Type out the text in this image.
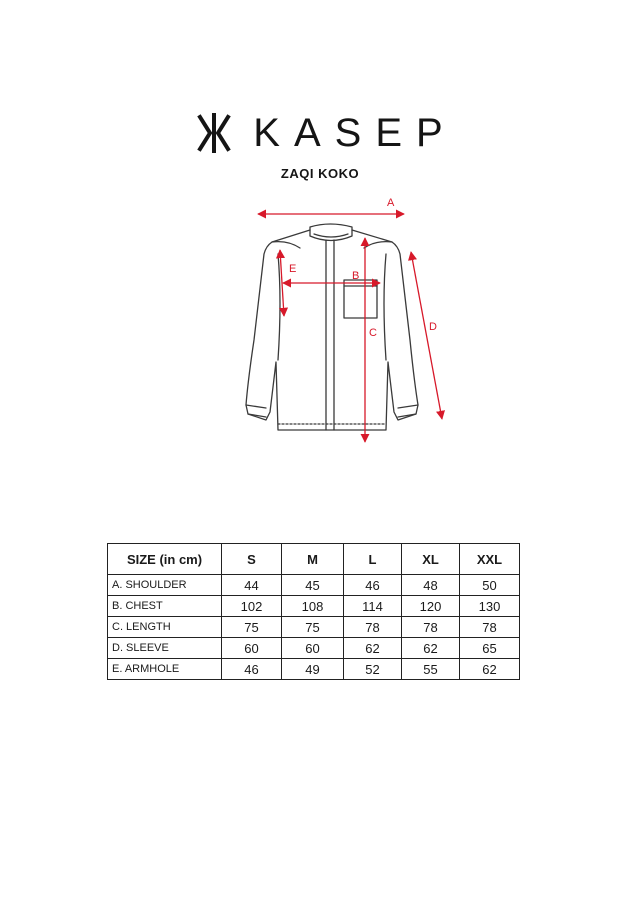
KASEP
ZAQI KOKO
A
B
C	D
E
SIZE (in cm)	S	M	L	XL	XXL
A. SHOULDER	44	45	46	48	50
B. CHEST	102	108	114	120	130
C. LENGTH	75	75	78	78	78
D. SLEEVE	60	60	62	62	65
E. ARMHOLE	46	49	52	55	62
